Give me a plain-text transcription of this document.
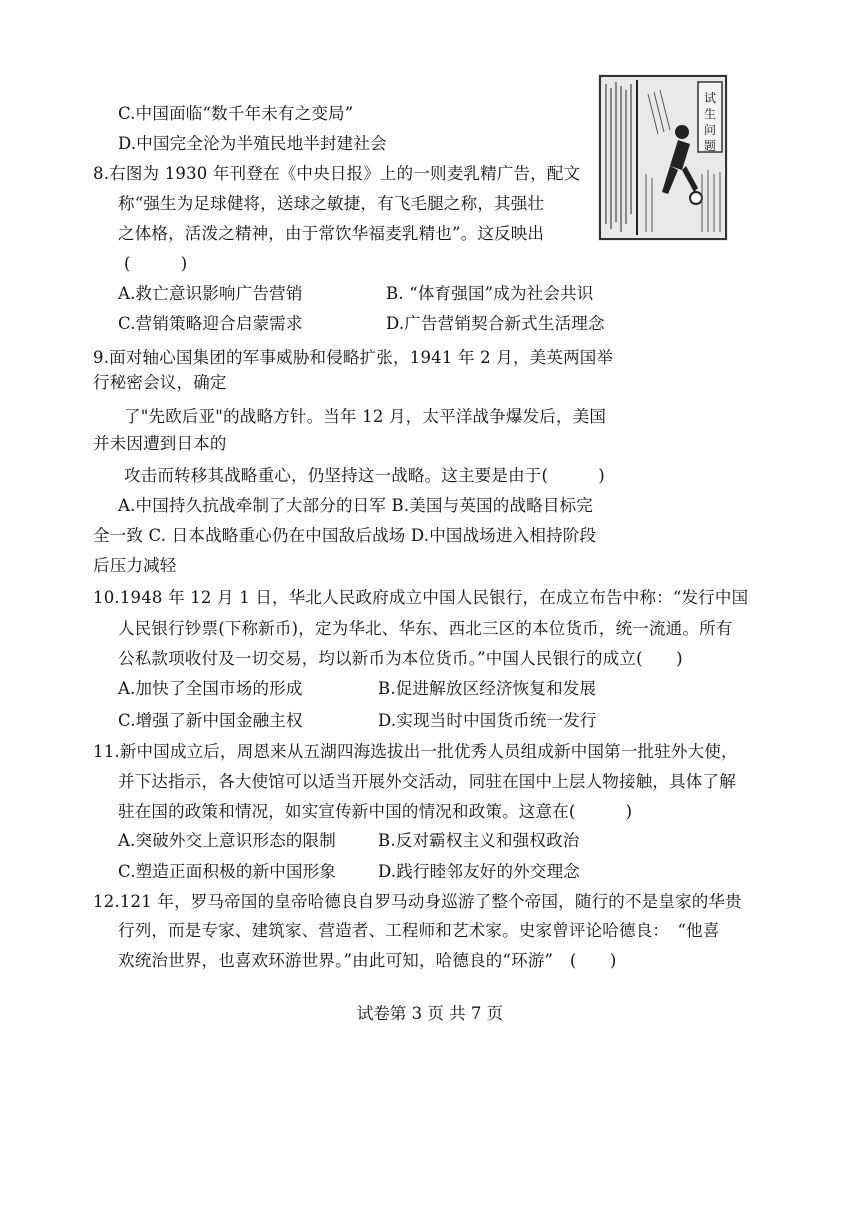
试
生
问
题
C.中国面临“数千年未有之变局”
D.中国完全沦为半殖民地半封建社会
8.右图为 1930 年刊登在《中央日报》上的一则麦乳精广告，配文
称“强生为足球健将，送球之敏捷，有飞毛腿之称，其强壮
之体格，活泼之精神，由于常饮华福麦乳精也”。这反映出
(　　　)
A.救亡意识影响广告营销	B. “体育强国”成为社会共识
C.营销策略迎合启蒙需求	D.广告营销契合新式生活理念
9.面对轴心国集团的军事威胁和侵略扩张，1941 年 2 月，美英两国举
行秘密会议，确定
了"先欧后亚"的战略方针。当年 12 月，太平洋战争爆发后，美国
并未因遭到日本的
攻击而转移其战略重心，仍坚持这一战略。这主要是由于(　　　)
A.中国持久抗战牵制了大部分的日军 B.美国与英国的战略目标完
全一致 C. 日本战略重心仍在中国敌后战场 D.中国战场进入相持阶段
后压力减轻
10.1948 年 12 月 1 日，华北人民政府成立中国人民银行，在成立布告中称：“发行中国
人民银行钞票(下称新币)，定为华北、华东、西北三区的本位货币，统一流通。所有
公私款项收付及一切交易，均以新币为本位货币。”中国人民银行的成立(　　)
A.加快了全国市场的形成	B.促进解放区经济恢复和发展
C.增强了新中国金融主权	D.实现当时中国货币统一发行
11.新中国成立后，周恩来从五湖四海选拔出一批优秀人员组成新中国第一批驻外大使，
并下达指示，各大使馆可以适当开展外交活动，同驻在国中上层人物接触，具体了解
驻在国的政策和情况，如实宣传新中国的情况和政策。这意在(　　　)
A.突破外交上意识形态的限制	B.反对霸权主义和强权政治
C.塑造正面积极的新中国形象	D.践行睦邻友好的外交理念
12.121 年，罗马帝国的皇帝哈德良自罗马动身巡游了整个帝国，随行的不是皇家的华贵
行列，而是专家、建筑家、营造者、工程师和艺术家。史家曾评论哈德良：　“他喜
欢统治世界，也喜欢环游世界。”由此可知，哈德良的“环游”　(　　)
试卷第 3 页 共 7 页
